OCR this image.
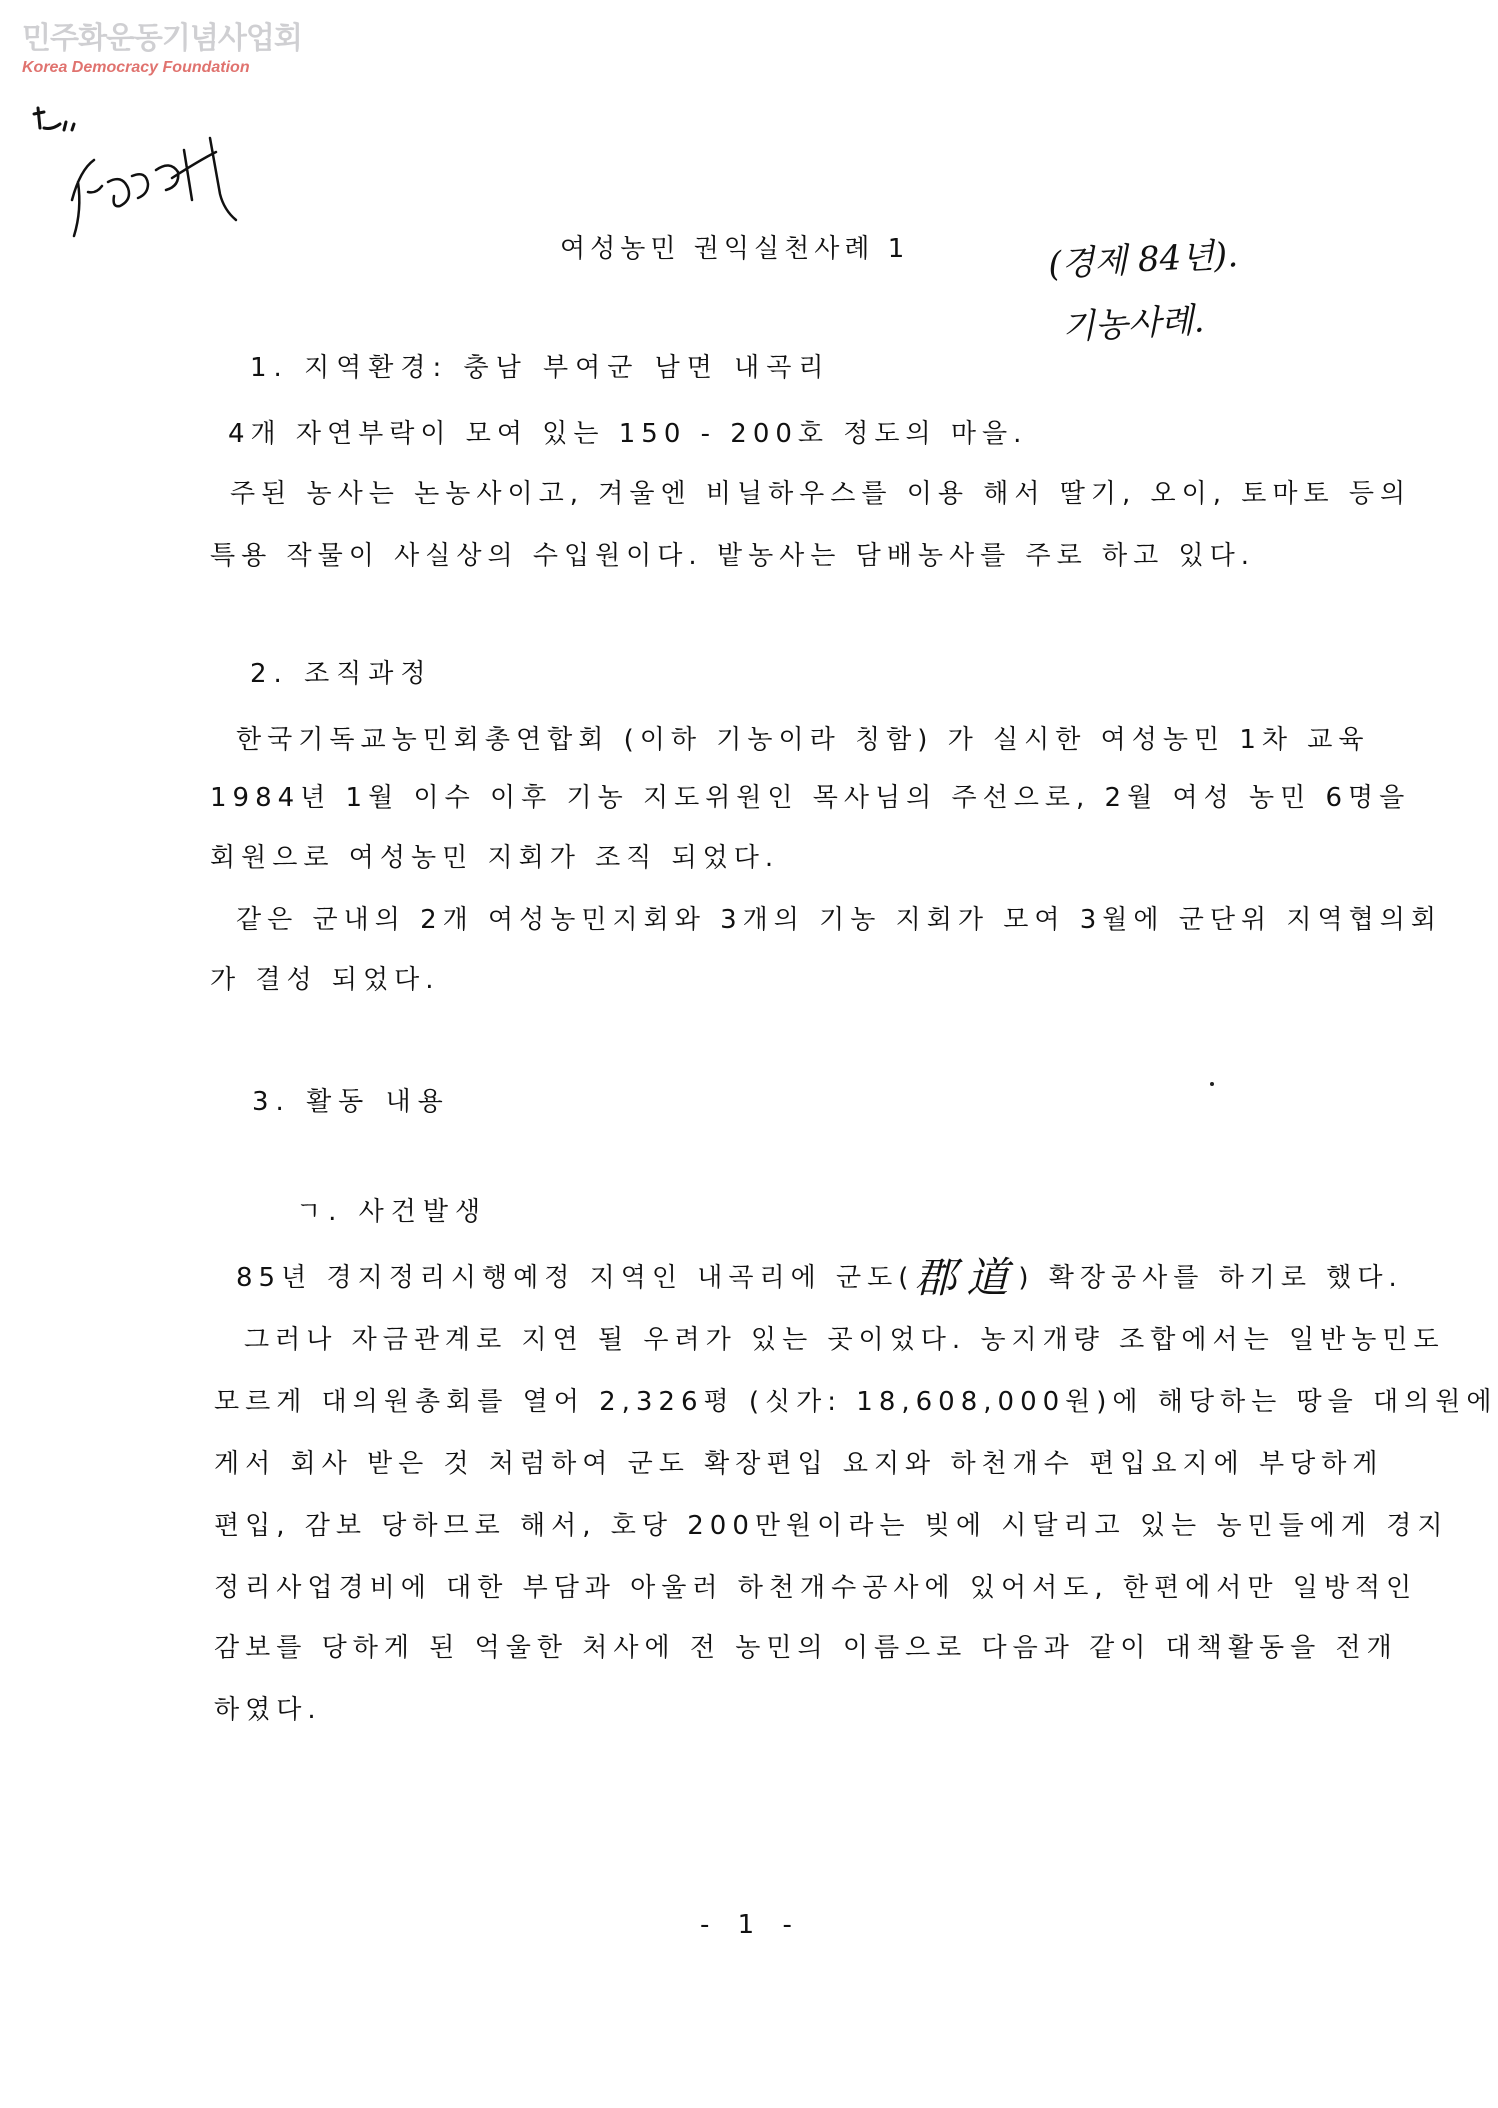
민주화운동기념사업회
Korea Democracy Foundation
여성농민 권익실천사례 1	(경제 84년).
기농사례.
1. 지역환경: 충남 부여군 남면 내곡리
4개 자연부락이 모여 있는 150 - 200호 정도의 마을.
주된 농사는 논농사이고, 겨울엔 비닐하우스를 이용 해서 딸기, 오이, 토마토 등의
특용 작물이 사실상의 수입원이다. 밭농사는 담배농사를 주로 하고 있다.
2. 조직과정
한국기독교농민회총연합회 (이하 기농이라 칭함) 가 실시한 여성농민 1차 교육
1984년 1월 이수 이후 기농 지도위원인 목사님의 주선으로, 2월 여성 농민 6명을
회원으로 여성농민 지회가 조직 되었다.
같은 군내의 2개 여성농민지회와 3개의 기농 지회가 모여 3월에 군단위 지역협의회
가 결성 되었다.
3. 활동 내용
ㄱ. 사건발생
85년 경지정리시행예정 지역인 내곡리에 군도(郡道) 확장공사를 하기로 했다.
그러나 자금관계로 지연 될 우려가 있는 곳이었다. 농지개량 조합에서는 일반농민도
모르게 대의원총회를 열어 2,326평 (싯가: 18,608,000원)에 해당하는 땅을 대의원에
게서 회사 받은 것 처럼하여 군도 확장편입 요지와 하천개수 편입요지에 부당하게
편입, 감보 당하므로 해서, 호당 200만원이라는 빚에 시달리고 있는 농민들에게 경지
정리사업경비에 대한 부담과 아울러 하천개수공사에 있어서도, 한편에서만 일방적인
감보를 당하게 된 억울한 처사에 전 농민의 이름으로 다음과 같이 대책활동을 전개
하였다.
- 1 -
